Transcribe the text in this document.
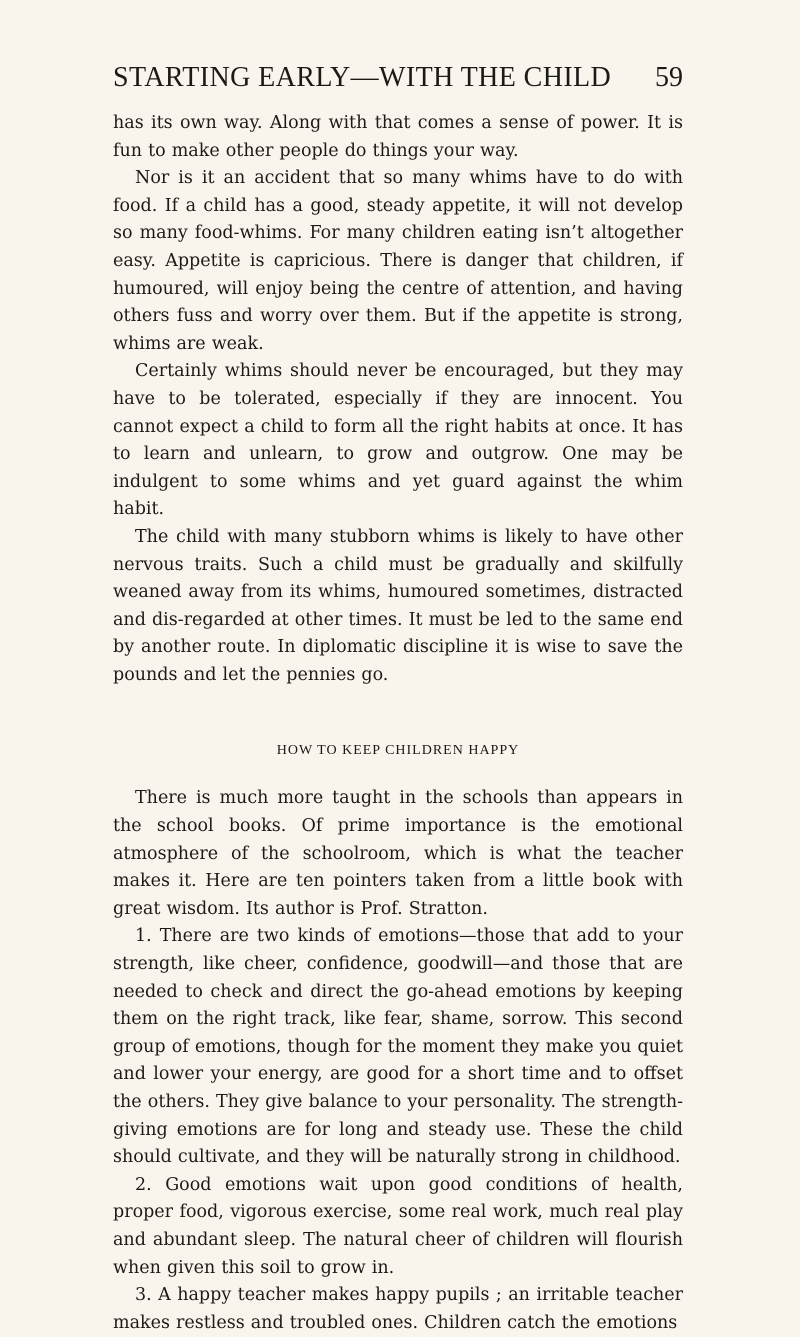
STARTING EARLY—WITH THE CHILD 59

has its own way. Along with that comes a sense of power. It is fun to make other people do things your way.

Nor is it an accident that so many whims have to do with food. If a child has a good, steady appetite, it will not develop so many food-whims. For many children eating isn’t altogether easy. Appetite is capricious. There is danger that children, if humoured, will enjoy being the centre of attention, and having others fuss and worry over them. But if the appetite is strong, whims are weak.

Certainly whims should never be encouraged, but they may have to be tolerated, especially if they are innocent. You cannot expect a child to form all the right habits at once. It has to learn and unlearn, to grow and outgrow. One may be indulgent to some whims and yet guard against the whim habit.

The child with many stubborn whims is likely to have other nervous traits. Such a child must be gradually and skilfully weaned away from its whims, humoured sometimes, distracted and dis-regarded at other times. It must be led to the same end by another route. In diplomatic discipline it is wise to save the pounds and let the pennies go.

HOW TO KEEP CHILDREN HAPPY

There is much more taught in the schools than appears in the school books. Of prime importance is the emotional atmosphere of the schoolroom, which is what the teacher makes it. Here are ten pointers taken from a little book with great wisdom. Its author is Prof. Stratton.

1. There are two kinds of emotions—those that add to your strength, like cheer, confidence, goodwill—and those that are needed to check and direct the go-ahead emotions by keeping them on the right track, like fear, shame, sorrow. This second group of emotions, though for the moment they make you quiet and lower your energy, are good for a short time and to offset the others. They give balance to your personality. The strength-giving emotions are for long and steady use. These the child should cultivate, and they will be naturally strong in childhood.

2. Good emotions wait upon good conditions of health, proper food, vigorous exercise, some real work, much real play and abundant sleep. The natural cheer of children will flourish when given this soil to grow in.

3. A happy teacher makes happy pupils ; an irritable teacher makes restless and troubled ones. Children catch the emotions
